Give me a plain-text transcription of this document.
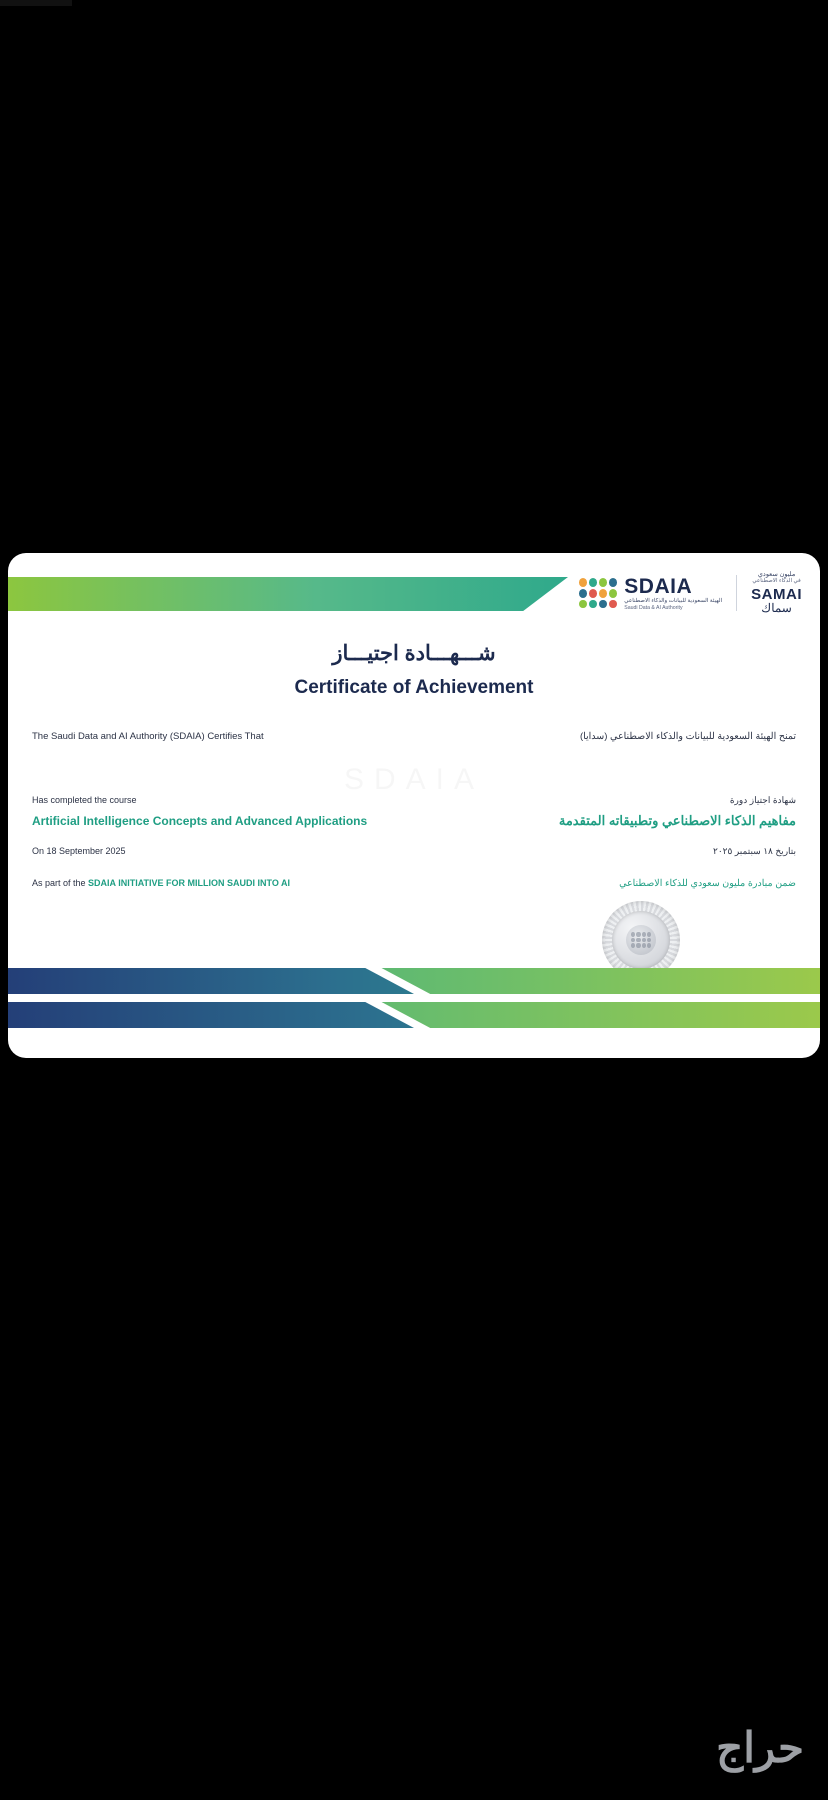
SDAIA
الهيئة السعودية للبيانات والذكاء الاصطناعي
Saudi Data & AI Authority
مليون سعودي
في الذكاء الاصطناعي
SAMAI
سماك
شـــهـــادة اجتيـــاز
Certificate of Achievement
The Saudi Data and AI Authority (SDAIA) Certifies That	تمنح الهيئة السعودية للبيانات والذكاء الاصطناعي (سدايا)
Has completed the course	شهادة اجتياز دورة
Artificial Intelligence Concepts and Advanced Applications	مفاهيم الذكاء الاصطناعي وتطبيقاته المتقدمة
On 18 September 2025	بتاريخ ١٨ سبتمبر ٢٠٢٥
As part of the SDAIA INITIATIVE FOR MILLION SAUDI INTO AI	ضمن مبادرة مليون سعودي للذكاء الاصطناعي
حراج
